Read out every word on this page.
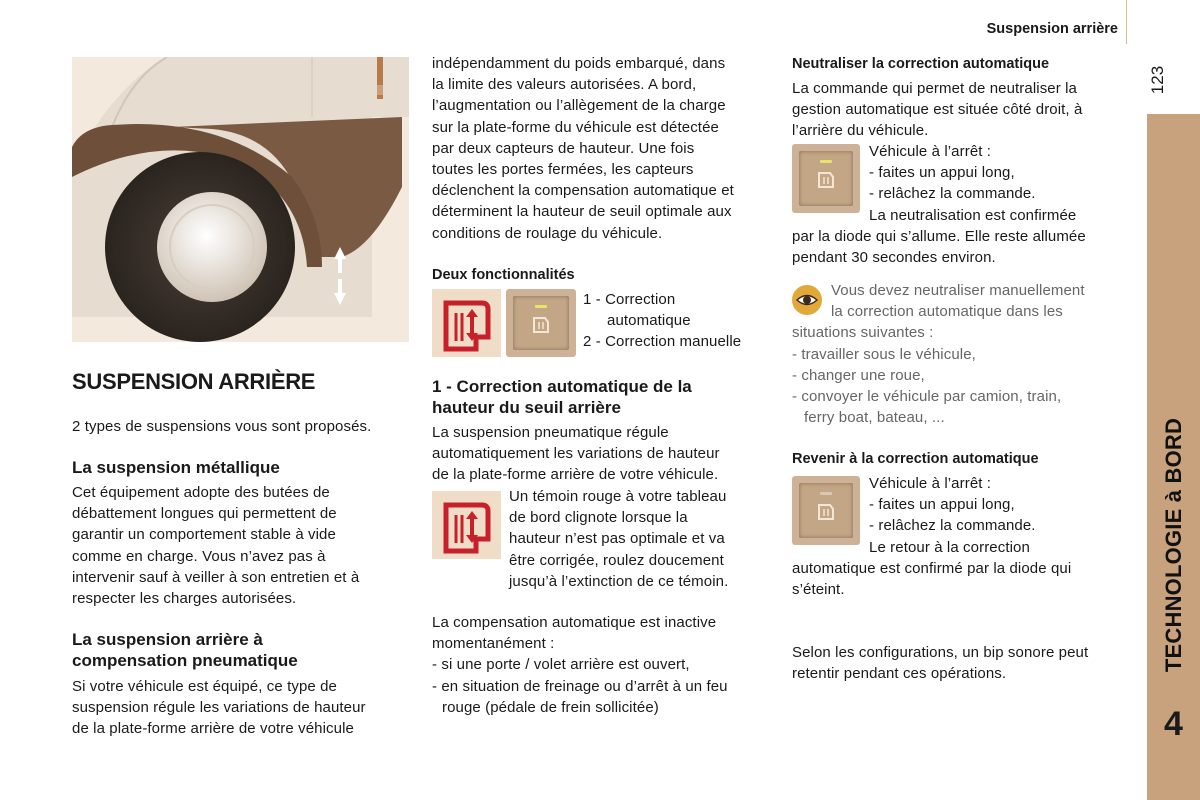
Suspension arrière
123
TECHNOLOGIE à BORD
4
SUSPENSION ARRIÈRE
2 types de suspensions vous sont proposés.
La suspension métallique
Cet équipement adopte des butées de
débattement longues qui permettent de
garantir un comportement stable à vide
comme en charge. Vous n’avez pas à
intervenir sauf à veiller à son entretien et à
respecter les charges autorisées.
La suspension arrière à
compensation pneumatique
Si votre véhicule est équipé, ce type de
suspension régule les variations de hauteur
de la plate-forme arrière de votre véhicule
indépendamment du poids embarqué, dans
la limite des valeurs autorisées. A bord,
l’augmentation ou l’allègement de la charge
sur la plate-forme du véhicule est détectée
par deux capteurs de hauteur. Une fois
toutes les portes fermées, les capteurs
déclenchent la compensation automatique et
déterminent la hauteur de seuil optimale aux
conditions de roulage du véhicule.
Deux fonctionnalités
1 - Correction
automatique
2 - Correction manuelle
1 - Correction automatique de la
hauteur du seuil arrière
La suspension pneumatique régule
automatiquement les variations de hauteur
de la plate-forme arrière de votre véhicule.
Un témoin rouge à votre tableau
de bord clignote lorsque la
hauteur n’est pas optimale et va
être corrigée, roulez doucement
jusqu’à l’extinction de ce témoin.
La compensation automatique est inactive
momentanément :
- si une porte / volet arrière est ouvert,
- en situation de freinage ou d’arrêt à un feu
rouge (pédale de frein sollicitée)
Neutraliser la correction automatique
La commande qui permet de neutraliser la
gestion automatique est située côté droit, à
l’arrière du véhicule.
Véhicule à l’arrêt :
- faites un appui long,
- relâchez la commande.
La neutralisation est confirmée
par la diode qui s’allume. Elle reste allumée
pendant 30 secondes environ.
Vous devez neutraliser manuellement
la correction automatique dans les
situations suivantes :
- travailler sous le véhicule,
- changer une roue,
- convoyer le véhicule par camion, train,
ferry boat, bateau, ...
Revenir à la correction automatique
Véhicule à l’arrêt :
- faites un appui long,
- relâchez la commande.
Le retour à la correction
automatique est confirmé par la diode qui
s’éteint.
Selon les configurations, un bip sonore peut
retentir pendant ces opérations.
